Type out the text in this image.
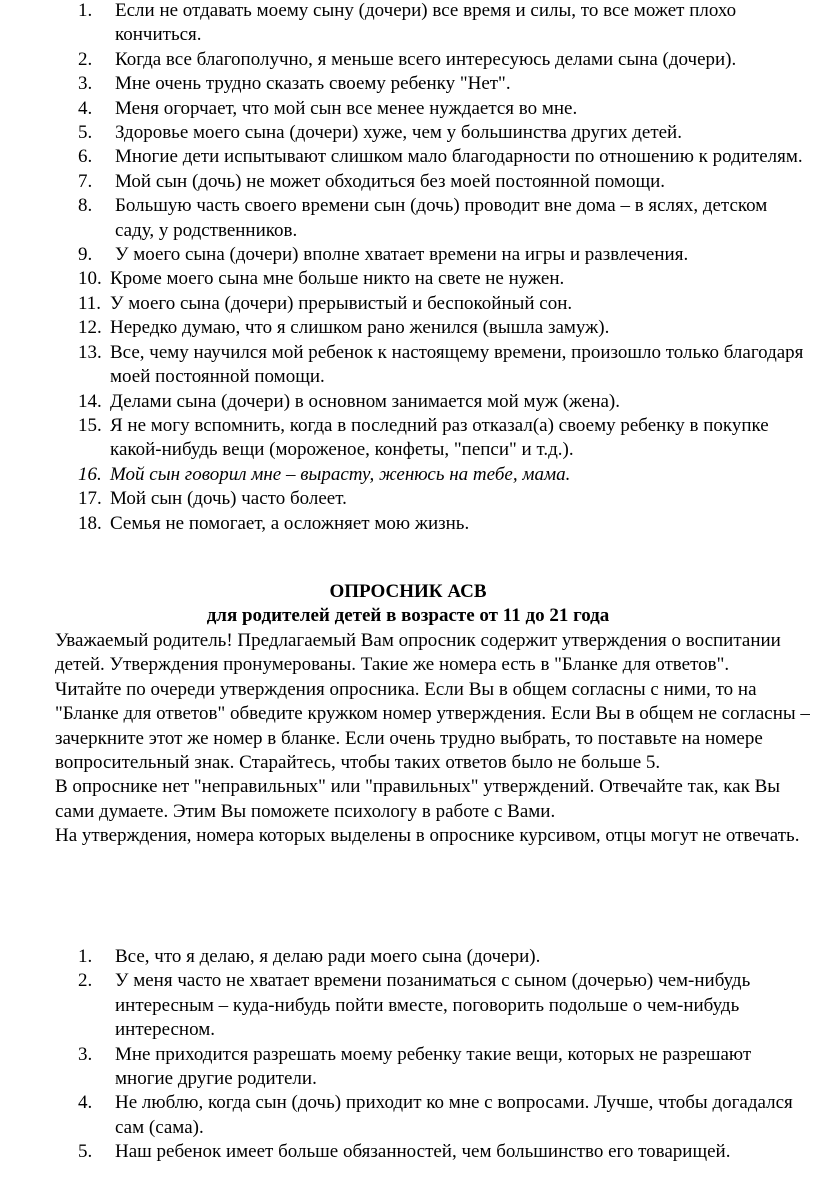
1. Если не отдавать моему сыну (дочери) все время и силы, то все может плохо кончиться.
2. Когда все благополучно, я меньше всего интересуюсь делами сына (дочери).
3. Мне очень трудно сказать своему ребенку "Нет".
4. Меня огорчает, что мой сын все менее нуждается во мне.
5. Здоровье моего сына (дочери) хуже, чем у большинства других детей.
6. Многие дети испытывают слишком мало благодарности по отношению к родителям.
7. Мой сын (дочь) не может обходиться без моей постоянной помощи.
8. Большую часть своего времени сын (дочь) проводит вне дома – в яслях, детском саду, у родственников.
9. У моего сына (дочери) вполне хватает времени на игры и развлечения.
10. Кроме моего сына мне больше никто на свете не нужен.
11. У моего сына (дочери) прерывистый и беспокойный сон.
12. Нередко думаю, что я слишком рано женился (вышла замуж).
13. Все, чему научился мой ребенок к настоящему времени, произошло только благодаря моей постоянной помощи.
14. Делами сына (дочери) в основном занимается мой муж (жена).
15. Я не могу вспомнить, когда в последний раз отказал(а) своему ребенку в покупке какой-нибудь вещи (мороженое, конфеты, "пепси" и т.д.).
16. Мой сын говорил мне – вырасту, женюсь на тебе, мама.
17. Мой сын (дочь) часто болеет.
18. Семья не помогает, а осложняет мою жизнь.
ОПРОСНИК АСВ
для родителей детей в возрасте от 11 до 21 года

Уважаемый родитель! Предлагаемый Вам опросник содержит утверждения о воспитании детей. Утверждения пронумерованы. Такие же номера есть в "Бланке для ответов".

Читайте по очереди утверждения опросника. Если Вы в общем согласны с ними, то на "Бланке для ответов" обведите кружком номер утверждения. Если Вы в общем не согласны – зачеркните этот же номер в бланке. Если очень трудно выбрать, то поставьте на номере вопросительный знак. Старайтесь, чтобы таких ответов было не больше 5.

В опроснике нет "неправильных" или "правильных" утверждений. Отвечайте так, как Вы сами думаете. Этим Вы поможете психологу в работе с Вами.

На утверждения, номера которых выделены в опроснике курсивом, отцы могут не отвечать.

1. Все, что я делаю, я делаю ради моего сына (дочери).
2. У меня часто не хватает времени позаниматься с сыном (дочерью) чем-нибудь интересным – куда-нибудь пойти вместе, поговорить подольше о чем-нибудь интересном.
3. Мне приходится разрешать моему ребенку такие вещи, которых не разрешают многие другие родители.
4. Не люблю, когда сын (дочь) приходит ко мне с вопросами. Лучше, чтобы догадался сам (сама).
5. Наш ребенок имеет больше обязанностей, чем большинство его товарищей.
